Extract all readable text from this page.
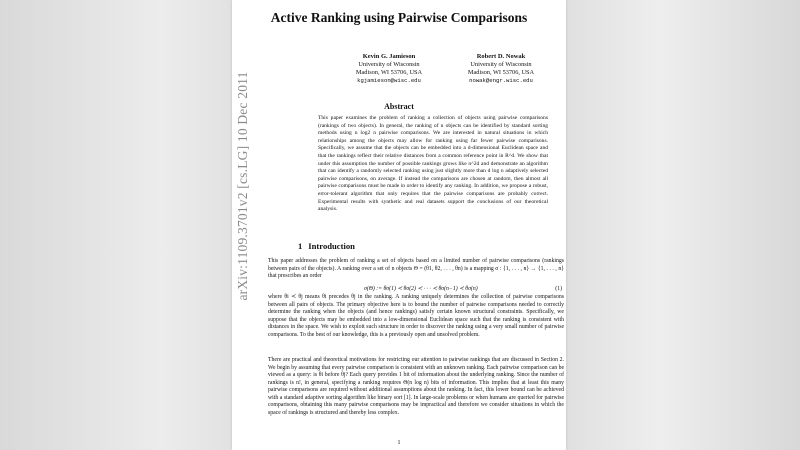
Active Ranking using Pairwise Comparisons
Kevin G. Jamieson
University of Wisconsin
Madison, WI 53706, USA
kgjamieson@wisc.edu
Robert D. Nowak
University of Wisconsin
Madison, WI 53706, USA
nowak@engr.wisc.edu
Abstract

This paper examines the problem of ranking a collection of objects using pairwise comparisons (rankings of two objects). In general, the ranking of n objects can be identified by standard sorting methods using n log2 n pairwise comparisons. We are interested in natural situations in which relationships among the objects may allow for ranking using far fewer pairwise comparisons. Specifically, we assume that the objects can be embedded into a d-dimensional Euclidean space and that the rankings reflect their relative distances from a common reference point in R^d. We show that under this assumption the number of possible rankings grows like n^2d and demonstrate an algorithm that can identify a randomly selected ranking using just slightly more than d log n adaptively selected pairwise comparisons, on average. If instead the comparisons are chosen at random, then almost all pairwise comparisons must be made in order to identify any ranking. In addition, we propose a robust, error-tolerant algorithm that only requires that the pairwise comparisons are probably correct. Experimental results with synthetic and real datasets support the conclusions of our theoretical analysis.

1 Introduction

This paper addresses the problem of ranking a set of objects based on a limited number of pairwise comparisons (rankings between pairs of the objects). A ranking over a set of n objects Θ = (θ1, θ2, . . . , θn) is a mapping σ : {1, . . . , n} → {1, . . . , n} that prescribes an order

σ(Θ) := θσ(1) ≺ θσ(2) ≺ · · · ≺ θσ(n−1) ≺ θσ(n)	(1)

where θi ≺ θj means θi precedes θj in the ranking. A ranking uniquely determines the collection of pairwise comparisons between all pairs of objects. The primary objective here is to bound the number of pairwise comparisons needed to correctly determine the ranking when the objects (and hence rankings) satisfy certain known structural constraints. Specifically, we suppose that the objects may be embedded into a low-dimensional Euclidean space such that the ranking is consistent with distances in the space. We wish to exploit such structure in order to discover the ranking using a very small number of pairwise comparisons. To the best of our knowledge, this is a previously open and unsolved problem.

There are practical and theoretical motivations for restricting our attention to pairwise rankings that are discussed in Section 2. We begin by assuming that every pairwise comparison is consistent with an unknown ranking. Each pairwise comparison can be viewed as a query: is θi before θj? Each query provides 1 bit of information about the underlying ranking. Since the number of rankings is n!, in general, specifying a ranking requires Θ(n log n) bits of information. This implies that at least this many pairwise comparisons are required without additional assumptions about the ranking. In fact, this lower bound can be achieved with a standard adaptive sorting algorithm like binary sort [1]. In large-scale problems or when humans are queried for pairwise comparisons, obtaining this many pairwise comparisons may be impractical and therefore we consider situations in which the space of rankings is structured and thereby less complex.

1
arXiv:1109.3701v2 [cs.LG] 10 Dec 2011
